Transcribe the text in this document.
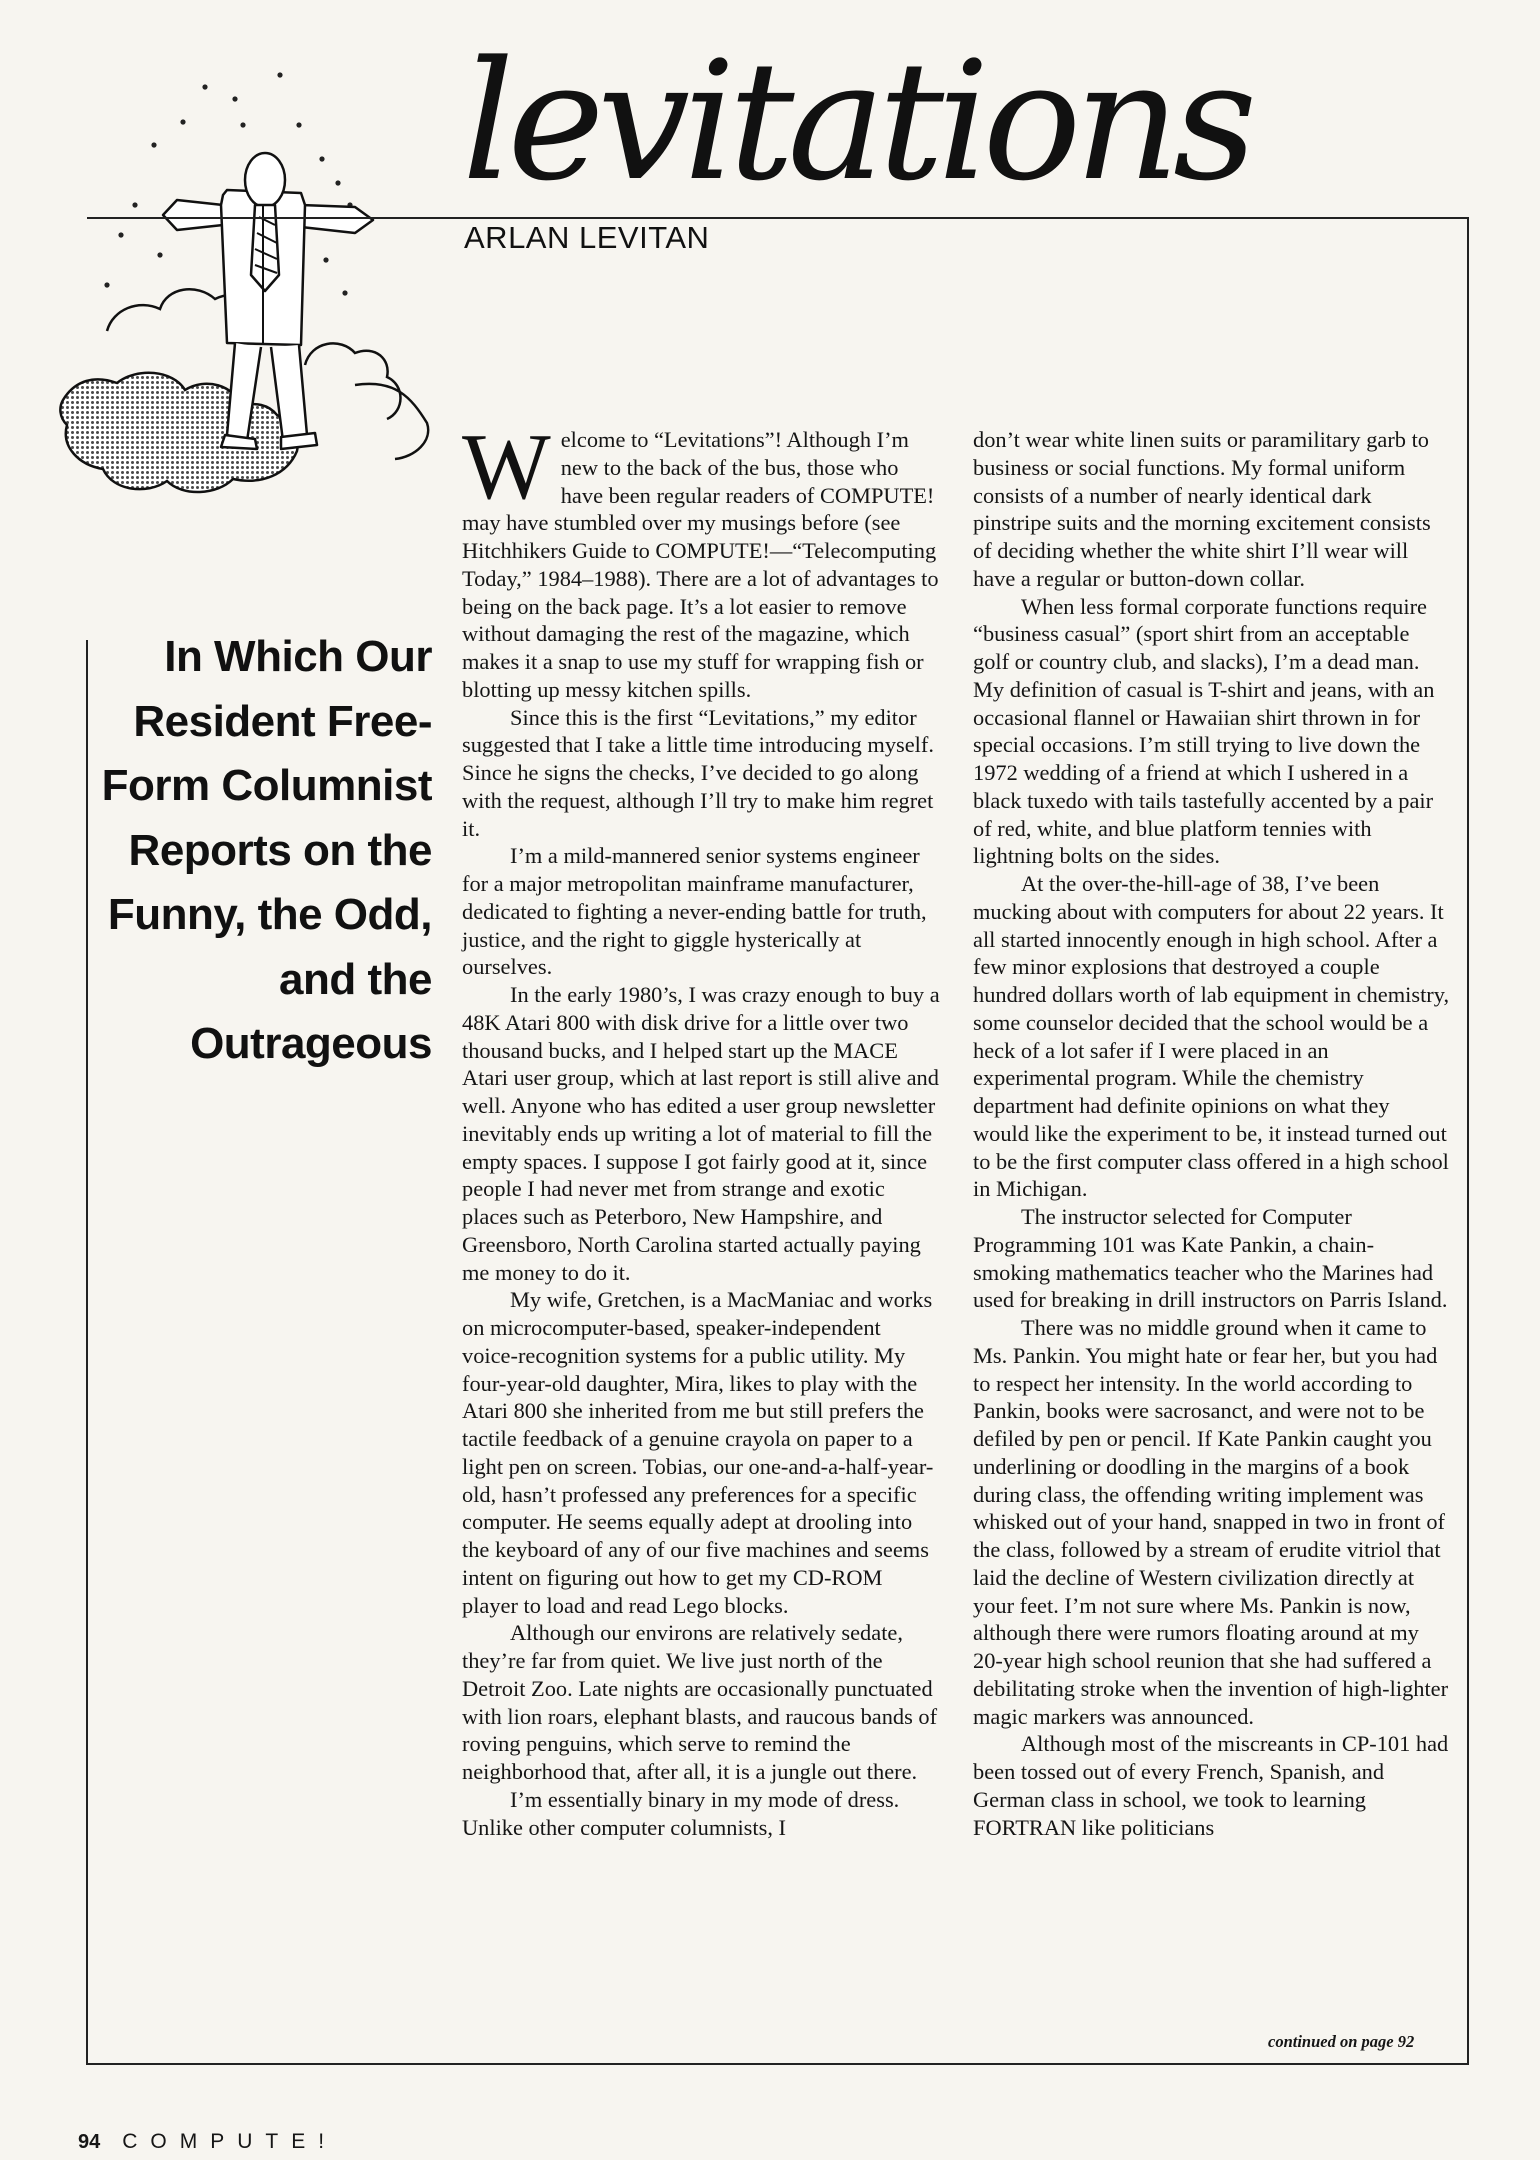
levitations
ARLAN LEVITAN
In Which Our Resident Free-Form Columnist Reports on the Funny, the Odd, and the Outrageous

Welcome to “Levitations”! Although I’m new to the back of the bus, those who have been regular readers of COMPUTE! may have stumbled over my musings before (see Hitchhikers Guide to COMPUTE!—“Telecomputing Today,” 1984–1988). There are a lot of advantages to being on the back page. It’s a lot easier to remove without damaging the rest of the magazine, which makes it a snap to use my stuff for wrapping fish or blotting up messy kitchen spills.

Since this is the first “Levitations,” my editor suggested that I take a little time introducing myself. Since he signs the checks, I’ve decided to go along with the request, although I’ll try to make him regret it.

I’m a mild-mannered senior systems engineer for a major metropolitan mainframe manufacturer, dedicated to fighting a never-ending battle for truth, justice, and the right to giggle hysterically at ourselves.

In the early 1980’s, I was crazy enough to buy a 48K Atari 800 with disk drive for a little over two thousand bucks, and I helped start up the MACE Atari user group, which at last report is still alive and well. Anyone who has edited a user group newsletter inevitably ends up writing a lot of material to fill the empty spaces. I suppose I got fairly good at it, since people I had never met from strange and exotic places such as Peterboro, New Hampshire, and Greensboro, North Carolina started actually paying me money to do it.

My wife, Gretchen, is a MacManiac and works on microcomputer-based, speaker-independent voice-recognition systems for a public utility. My four-year-old daughter, Mira, likes to play with the Atari 800 she inherited from me but still prefers the tactile feedback of a genuine crayola on paper to a light pen on screen. Tobias, our one-and-a-half-year-old, hasn’t professed any preferences for a specific computer. He seems equally adept at drooling into the keyboard of any of our five machines and seems intent on figuring out how to get my CD-ROM player to load and read Lego blocks.

Although our environs are relatively sedate, they’re far from quiet. We live just north of the Detroit Zoo. Late nights are occasionally punctuated with lion roars, elephant blasts, and raucous bands of roving penguins, which serve to remind the neighborhood that, after all, it is a jungle out there.

I’m essentially binary in my mode of dress. Unlike other computer columnists, I

don’t wear white linen suits or paramilitary garb to business or social functions. My formal uniform consists of a number of nearly identical dark pinstripe suits and the morning excitement consists of deciding whether the white shirt I’ll wear will have a regular or button-down collar.

When less formal corporate functions require “business casual” (sport shirt from an acceptable golf or country club, and slacks), I’m a dead man. My definition of casual is T-shirt and jeans, with an occasional flannel or Hawaiian shirt thrown in for special occasions. I’m still trying to live down the 1972 wedding of a friend at which I ushered in a black tuxedo with tails tastefully accented by a pair of red, white, and blue platform tennies with lightning bolts on the sides.

At the over-the-hill-age of 38, I’ve been mucking about with computers for about 22 years. It all started innocently enough in high school. After a few minor explosions that destroyed a couple hundred dollars worth of lab equipment in chemistry, some counselor decided that the school would be a heck of a lot safer if I were placed in an experimental program. While the chemistry department had definite opinions on what they would like the experiment to be, it instead turned out to be the first computer class offered in a high school in Michigan.

The instructor selected for Computer Programming 101 was Kate Pankin, a chain-smoking mathematics teacher who the Marines had used for breaking in drill instructors on Parris Island.

There was no middle ground when it came to Ms. Pankin. You might hate or fear her, but you had to respect her intensity. In the world according to Pankin, books were sacrosanct, and were not to be defiled by pen or pencil. If Kate Pankin caught you underlining or doodling in the margins of a book during class, the offending writing implement was whisked out of your hand, snapped in two in front of the class, followed by a stream of erudite vitriol that laid the decline of Western civilization directly at your feet. I’m not sure where Ms. Pankin is now, although there were rumors floating around at my 20-year high school reunion that she had suffered a debilitating stroke when the invention of high-lighter magic markers was announced.

Although most of the miscreants in CP-101 had been tossed out of every French, Spanish, and German class in school, we took to learning FORTRAN like politicians

continued on page 92
94 COMPUTE!
